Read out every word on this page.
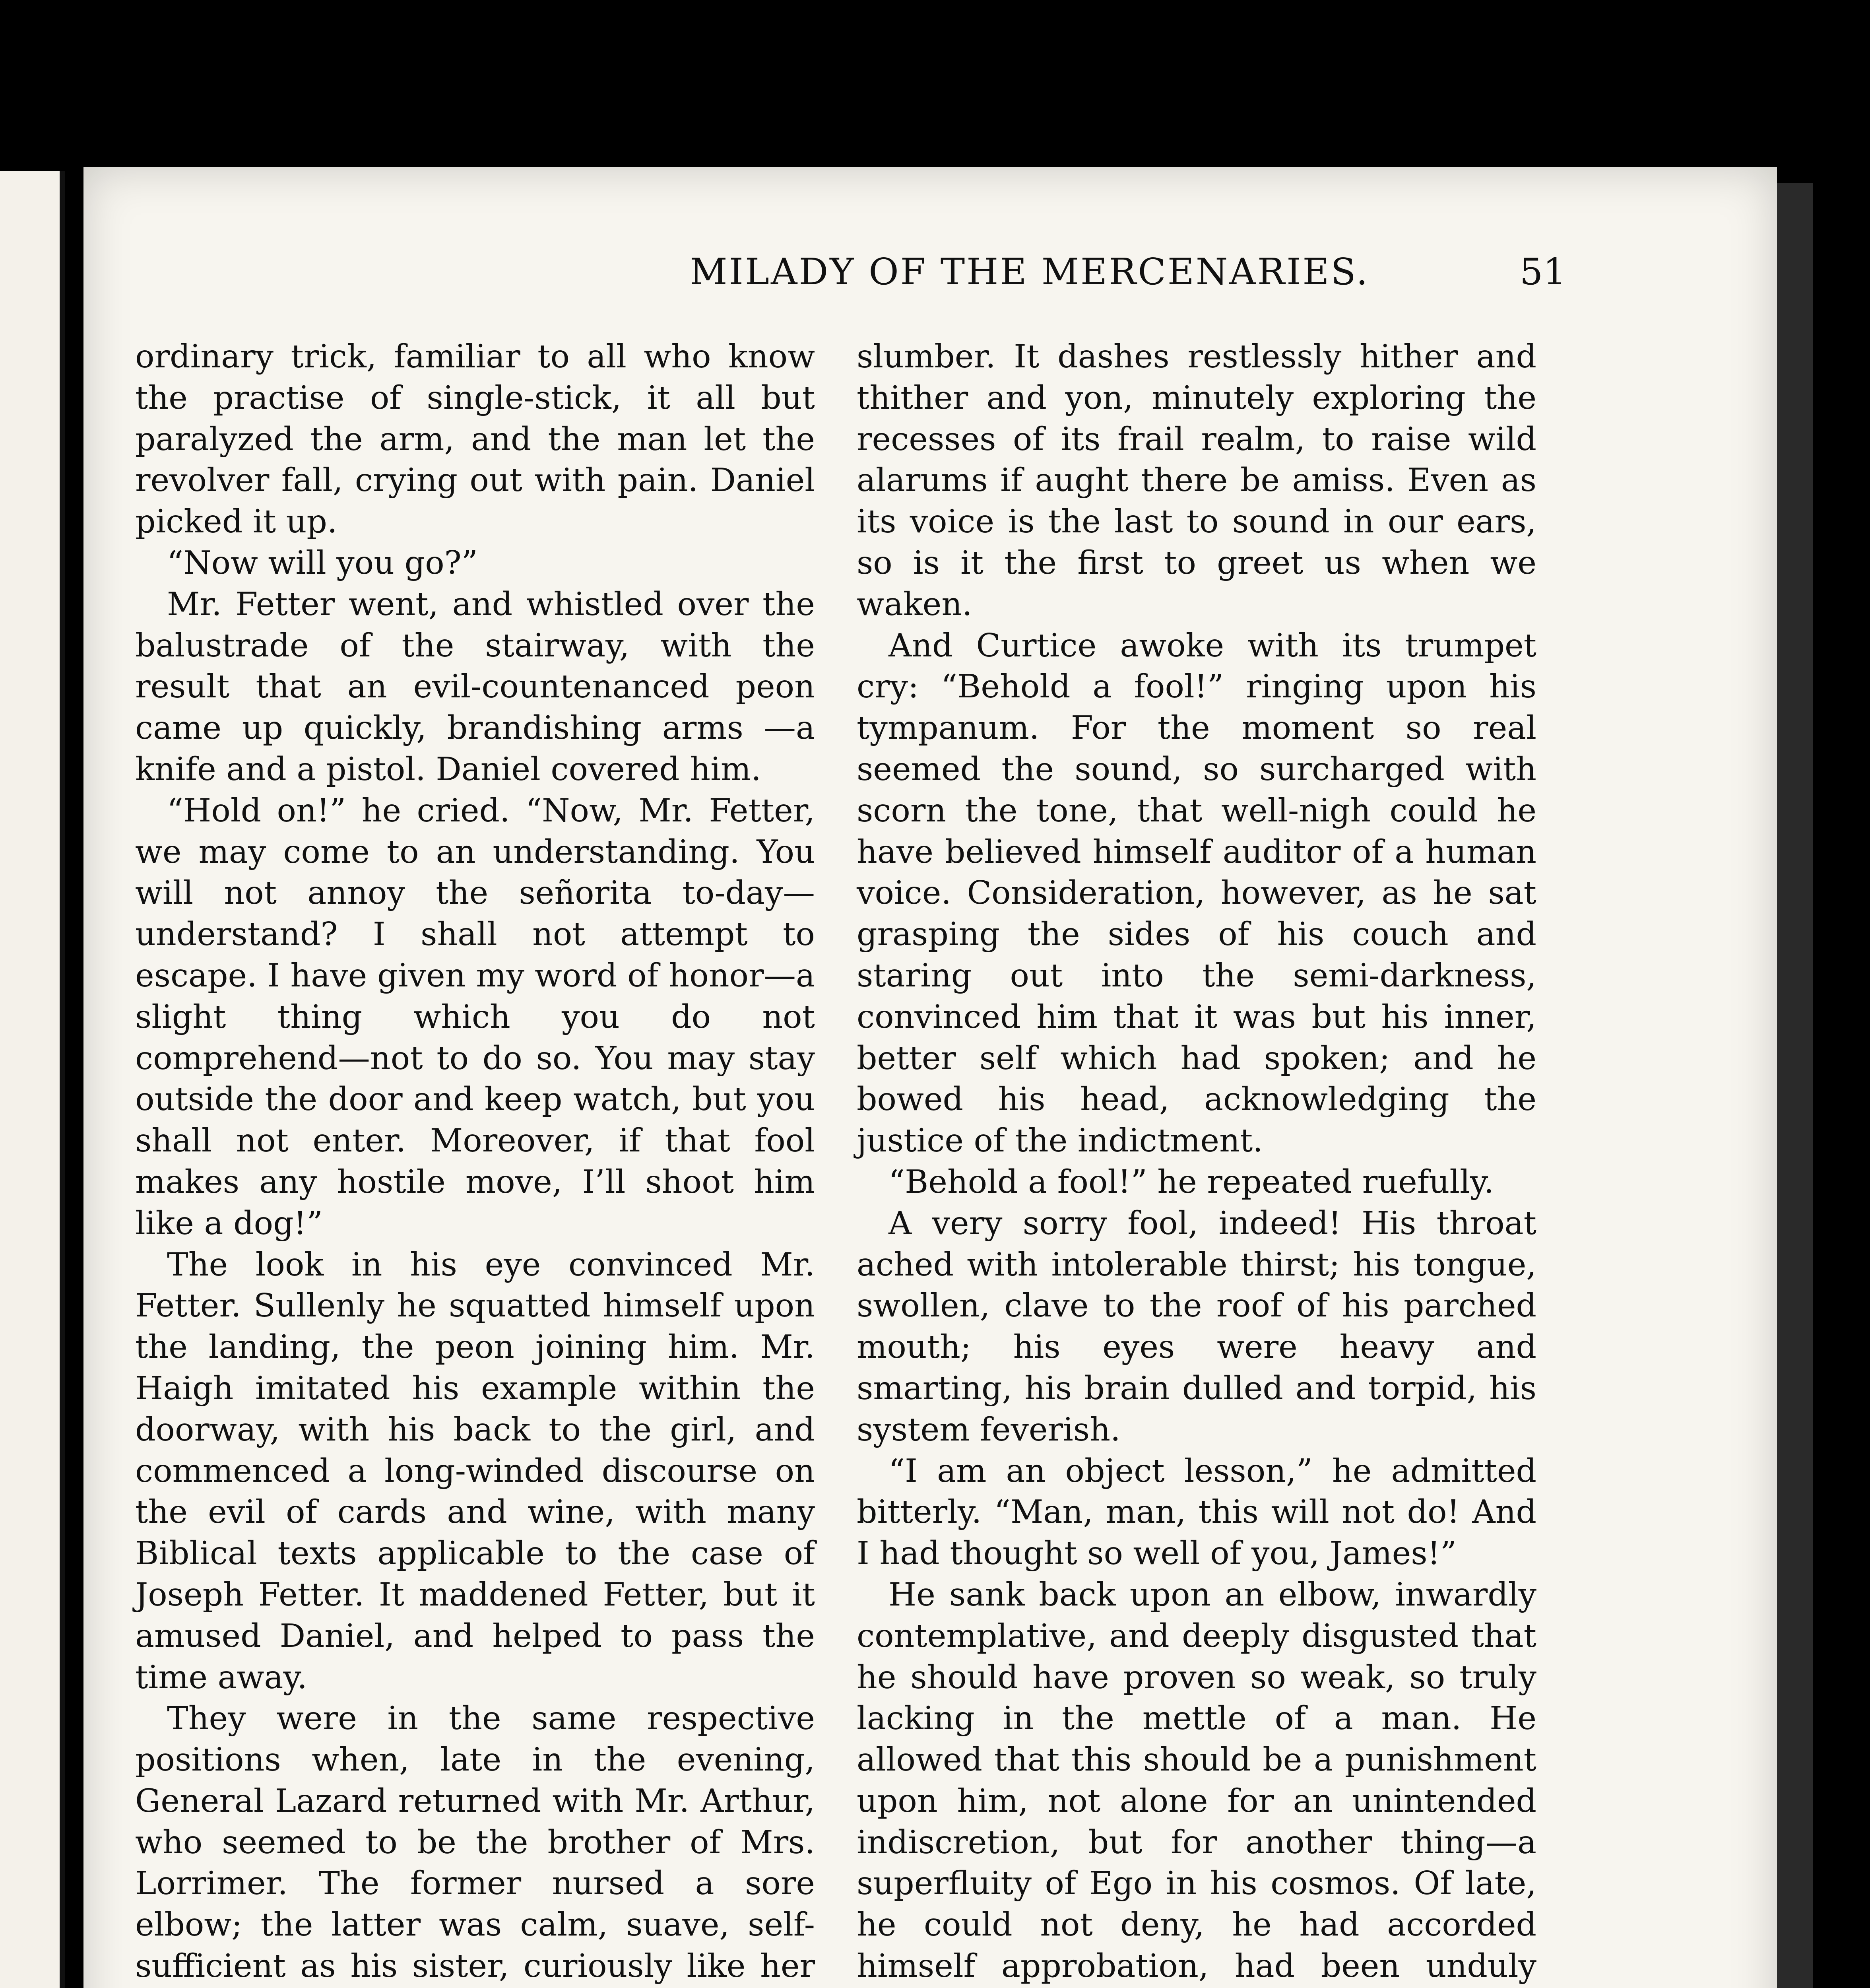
MILADY OF THE MERCENARIES.	51

ordinary trick, familiar to all who know the practise of single-stick, it all but paralyzed the arm, and the man let the revolver fall, crying out with pain. Daniel picked it up.

“Now will you go?”

Mr. Fetter went, and whistled over the balustrade of the stairway, with the result that an evil-countenanced peon came up quickly, brandishing arms —a knife and a pistol. Daniel covered him.

“Hold on!” he cried. “Now, Mr. Fetter, we may come to an understanding. You will not annoy the señorita to-day—understand? I shall not attempt to escape. I have given my word of honor—a slight thing which you do not comprehend—not to do so. You may stay outside the door and keep watch, but you shall not enter. Moreover, if that fool makes any hostile move, I’ll shoot him like a dog!”

The look in his eye convinced Mr. Fetter. Sullenly he squatted himself upon the landing, the peon joining him. Mr. Haigh imitated his example within the doorway, with his back to the girl, and commenced a long-winded discourse on the evil of cards and wine, with many Biblical texts applicable to the case of Joseph Fetter. It maddened Fetter, but it amused Daniel, and helped to pass the time away.

They were in the same respective positions when, late in the evening, General Lazard returned with Mr. Arthur, who seemed to be the brother of Mrs. Lorrimer. The former nursed a sore elbow; the latter was calm, suave, self-sufficient as his sister, curiously like her

slumber. It dashes restlessly hither and thither and yon, minutely exploring the recesses of its frail realm, to raise wild alarums if aught there be amiss. Even as its voice is the last to sound in our ears, so is it the first to greet us when we waken.

And Curtice awoke with its trumpet cry: “Behold a fool!” ringing upon his tympanum. For the moment so real seemed the sound, so surcharged with scorn the tone, that well-nigh could he have believed himself auditor of a human voice. Consideration, however, as he sat grasping the sides of his couch and staring out into the semi-darkness, convinced him that it was but his inner, better self which had spoken; and he bowed his head, acknowledging the justice of the indictment.

“Behold a fool!” he repeated ruefully.

A very sorry fool, indeed! His throat ached with intolerable thirst; his tongue, swollen, clave to the roof of his parched mouth; his eyes were heavy and smarting, his brain dulled and torpid, his system feverish.

“I am an object lesson,” he admitted bitterly. “Man, man, this will not do! And I had thought so well of you, James!”

He sank back upon an elbow, inwardly contemplative, and deeply disgusted that he should have proven so weak, so truly lacking in the mettle of a man. He allowed that this should be a punishment upon him, not alone for an unintended indiscretion, but for another thing—a superfluity of Ego in his cosmos. Of late, he could not deny, he had accorded himself approbation, had been unduly
